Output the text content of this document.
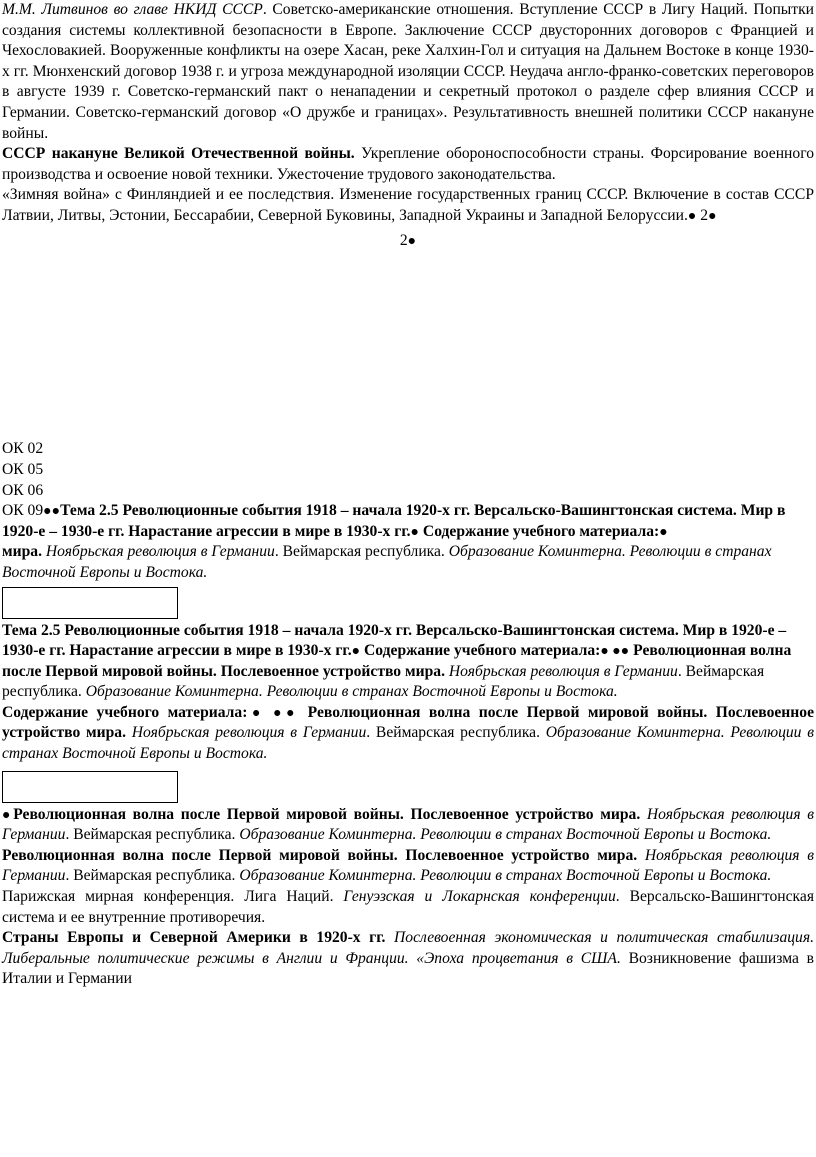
М.М. Литвинов во главе НКИД СССР. Советско-американские отношения. Вступление СССР в Лигу Наций. Попытки создания системы коллективной безопасности в Европе. Заключение СССР двусторонних договоров с Францией и Чехословакией. Вооруженные конфликты на озере Хасан, реке Халхин-Гол и ситуация на Дальнем Востоке в конце 1930-х гг. Мюнхенский договор 1938 г. и угроза международной изоляции СССР. Неудача англо-франко-советских переговоров в августе 1939 г. Советско-германский пакт о ненападении и секретный протокол о разделе сфер влияния СССР и Германии. Советско-германский договор «О дружбе и границах». Результативность внешней политики СССР накануне войны.

СССР накануне Великой Отечественной войны. Укрепление обороноспособности страны. Форсирование военного производства и освоение новой техники. Ужесточение трудового законодательства.

«Зимняя война» с Финляндией и ее последствия. Изменение государственных границ СССР. Включение в состав СССР Латвии, Литвы, Эстонии, Бессарабии, Северной Буковины, Западной Украины и Западной Белоруссии.● 2●

2●

ОК 02

ОК 05

ОК 06

ОК 09●●Тема 2.5 Революционные события 1918 – начала 1920-х гг. Версальско-Вашингтонская система. Мир в 1920-е – 1930-е гг. Нарастание агрессии в мире в 1930-х гг.● Содержание учебного материала:●

мира. Ноябрьская революция в Германии. Веймарская республика. Образование Коминтерна. Революции в странах Восточной Европы и Востока.

Тема 2.5 Революционные события 1918 – начала 1920-х гг. Версальско-Вашингтонская система. Мир в 1920-е – 1930-е гг. Нарастание агрессии в мире в 1930-х гг.● Содержание учебного материала:● ●● Революционная волна после Первой мировой войны. Послевоенное устройство мира. Ноябрьская революция в Германии. Веймарская республика. Образование Коминтерна. Революции в странах Восточной Европы и Востока.

Содержание учебного материала:● ●● Революционная волна после Первой мировой войны. Послевоенное устройство мира. Ноябрьская революция в Германии. Веймарская республика. Образование Коминтерна. Революции в странах Восточной Европы и Востока.

●Революционная волна после Первой мировой войны. Послевоенное устройство мира. Ноябрьская революция в Германии. Веймарская республика. Образование Коминтерна. Революции в странах Восточной Европы и Востока.

Революционная волна после Первой мировой войны. Послевоенное устройство мира. Ноябрьская революция в Германии. Веймарская республика. Образование Коминтерна. Революции в странах Восточной Европы и Востока.

Парижская мирная конференция. Лига Наций. Генуэзская и Локарнская конференции. Версальско-Вашингтонская система и ее внутренние противоречия.

Страны Европы и Северной Америки в 1920-х гг. Послевоенная экономическая и политическая стабилизация. Либеральные политические режимы в Англии и Франции. «Эпоха процветания в США. Возникновение фашизма в Италии и Германии
